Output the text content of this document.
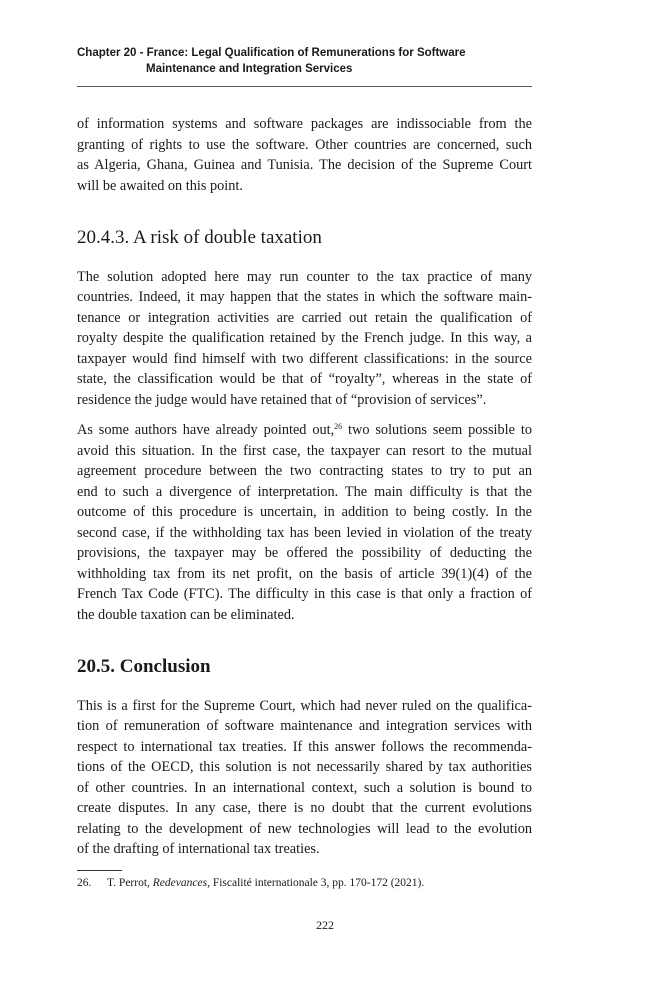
Chapter 20 - France: Legal Qualification of Remunerations for Software
Maintenance and Integration Services
of information systems and software packages are indissociable from the
granting of rights to use the software. Other countries are concerned, such
as Algeria, Ghana, Guinea and Tunisia. The decision of the Supreme Court
will be awaited on this point.
20.4.3. A risk of double taxation
The solution adopted here may run counter to the tax practice of many
countries. Indeed, it may happen that the states in which the software main-
tenance or integration activities are carried out retain the qualification of
royalty despite the qualification retained by the French judge. In this way, a
taxpayer would find himself with two different classifications: in the source
state, the classification would be that of “royalty”, whereas in the state of
residence the judge would have retained that of “provision of services”.
As some authors have already pointed out,$^{26}$ two solutions seem possible to
avoid this situation. In the first case, the taxpayer can resort to the mutual
agreement procedure between the two contracting states to try to put an
end to such a divergence of interpretation. The main difficulty is that the
outcome of this procedure is uncertain, in addition to being costly. In the
second case, if the withholding tax has been levied in violation of the treaty
provisions, the taxpayer may be offered the possibility of deducting the
withholding tax from its net profit, on the basis of article 39(1)(4) of the
French Tax Code (FTC). The difficulty in this case is that only a fraction of
the double taxation can be eliminated.
20.5. Conclusion
This is a first for the Supreme Court, which had never ruled on the qualifica-
tion of remuneration of software maintenance and integration services with
respect to international tax treaties. If this answer follows the recommenda-
tions of the OECD, this solution is not necessarily shared by tax authorities
of other countries. In an international context, such a solution is bound to
create disputes. In any case, there is no doubt that the current evolutions
relating to the development of new technologies will lead to the evolution
of the drafting of international tax treaties.
26. T. Perrot, Redevances, Fiscalité internationale 3, pp. 170-172 (2021).
222
